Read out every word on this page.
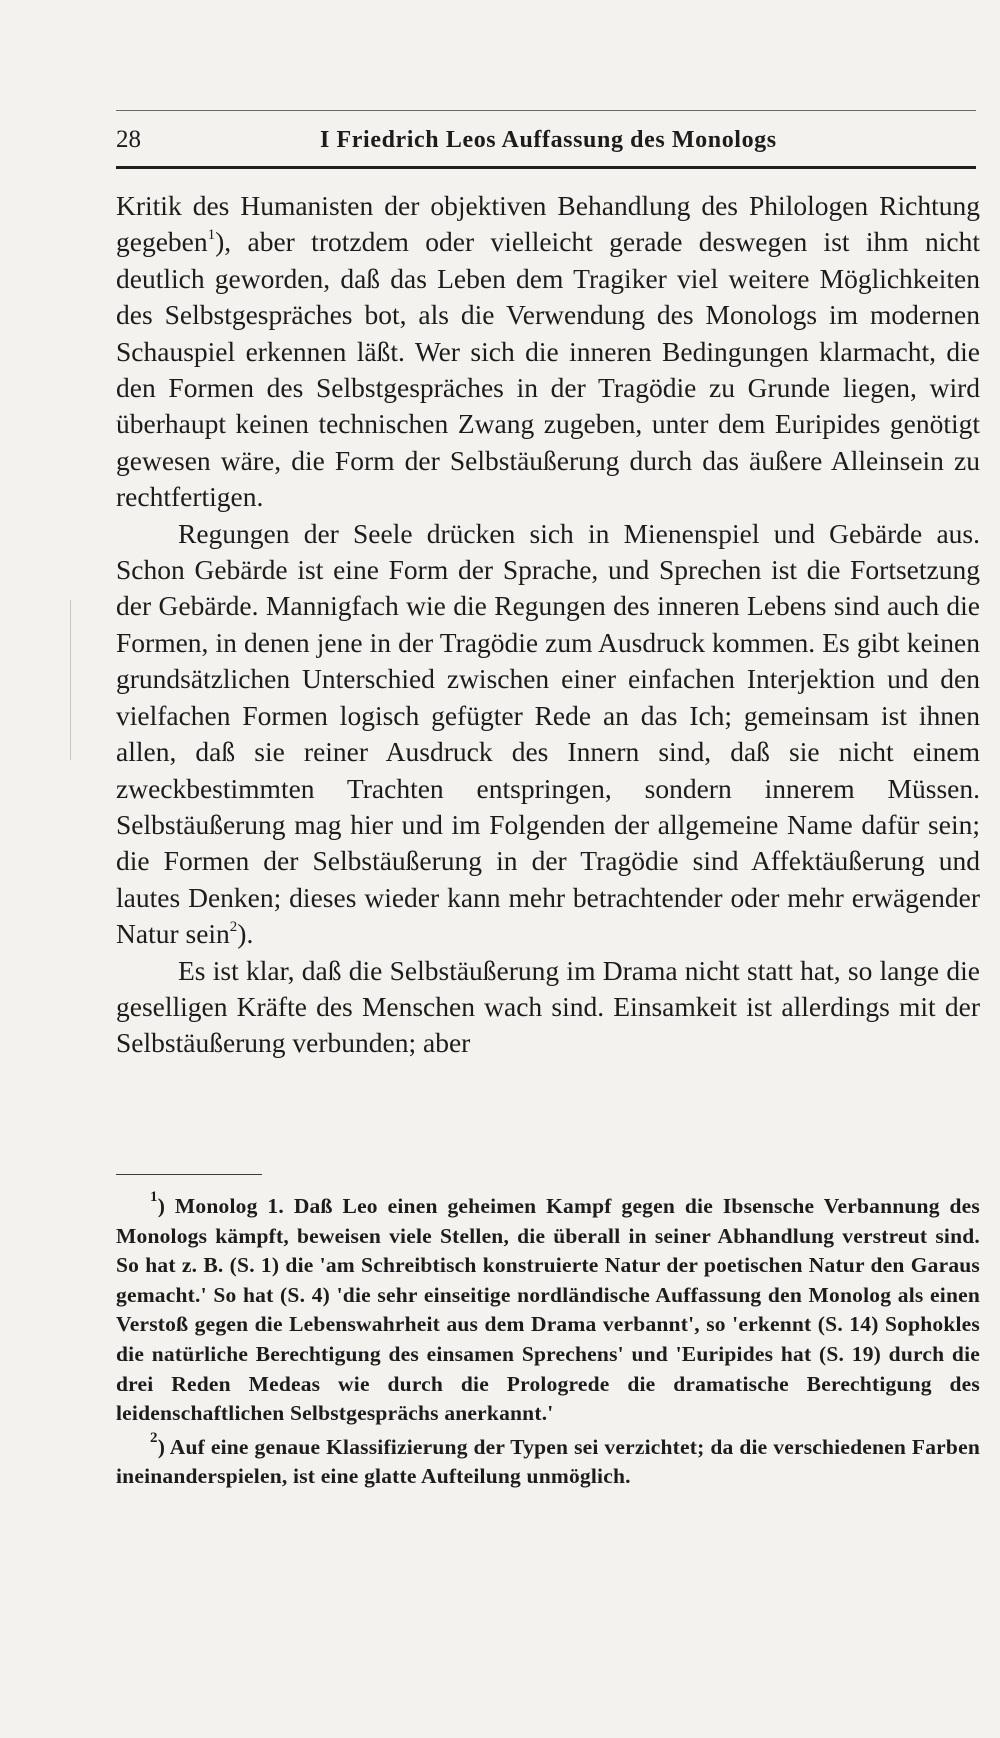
28	I Friedrich Leos Auffassung des Monologs

Kritik des Humanisten der objektiven Behandlung des Philologen Richtung gegeben$^1$), aber trotzdem oder vielleicht gerade deswegen ist ihm nicht deutlich geworden, daß das Leben dem Tragiker viel weitere Möglichkeiten des Selbstgespräches bot, als die Verwendung des Monologs im modernen Schauspiel erkennen läßt. Wer sich die inneren Bedingungen klarmacht, die den Formen des Selbstgespräches in der Tragödie zu Grunde liegen, wird überhaupt keinen technischen Zwang zugeben, unter dem Euripides genötigt gewesen wäre, die Form der Selbstäußerung durch das äußere Alleinsein zu rechtfertigen.

Regungen der Seele drücken sich in Mienenspiel und Gebärde aus. Schon Gebärde ist eine Form der Sprache, und Sprechen ist die Fortsetzung der Gebärde. Mannigfach wie die Regungen des inneren Lebens sind auch die Formen, in denen jene in der Tragödie zum Ausdruck kommen. Es gibt keinen grundsätzlichen Unterschied zwischen einer einfachen Interjektion und den vielfachen Formen logisch gefügter Rede an das Ich; gemeinsam ist ihnen allen, daß sie reiner Ausdruck des Innern sind, daß sie nicht einem zweckbestimmten Trachten entspringen, sondern innerem Müssen. Selbstäußerung mag hier und im Folgenden der allgemeine Name dafür sein; die Formen der Selbstäußerung in der Tragödie sind Affektäußerung und lautes Denken; dieses wieder kann mehr betrachtender oder mehr erwägender Natur sein$^2$).

Es ist klar, daß die Selbstäußerung im Drama nicht statt hat, so lange die geselligen Kräfte des Menschen wach sind. Einsamkeit ist allerdings mit der Selbstäußerung verbunden; aber

$^1$) Monolog 1. Daß Leo einen geheimen Kampf gegen die Ibsensche Verbannung des Monologs kämpft, beweisen viele Stellen, die überall in seiner Abhandlung verstreut sind. So hat z. B. (S. 1) die 'am Schreibtisch konstruierte Natur der poetischen Natur den Garaus gemacht.' So hat (S. 4) 'die sehr einseitige nordländische Auffassung den Monolog als einen Verstoß gegen die Lebenswahrheit aus dem Drama verbannt', so 'erkennt (S. 14) Sophokles die natürliche Berechtigung des einsamen Sprechens' und 'Euripides hat (S. 19) durch die drei Reden Medeas wie durch die Prologrede die dramatische Berechtigung des leidenschaftlichen Selbstgesprächs anerkannt.'

$^2$) Auf eine genaue Klassifizierung der Typen sei verzichtet; da die verschiedenen Farben ineinanderspielen, ist eine glatte Aufteilung unmöglich.
